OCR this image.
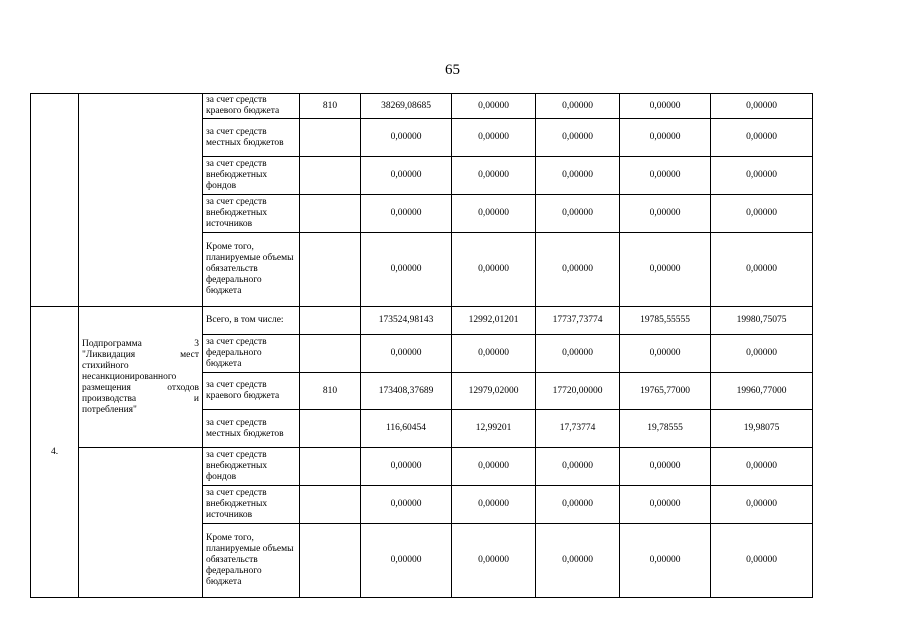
65
		за счет средств краевого бюджета	810	38269,08685	0,00000	0,00000	0,00000	0,00000
		за счет средств местных бюджетов		0,00000	0,00000	0,00000	0,00000	0,00000
		за счет средств внебюджетных фондов		0,00000	0,00000	0,00000	0,00000	0,00000
		за счет средств внебюджетных источников		0,00000	0,00000	0,00000	0,00000	0,00000
		Кроме того, планируемые объемы обязательств федерального бюджета		0,00000	0,00000	0,00000	0,00000	0,00000
4.	Подпрограмма 3 "Ликвидация мест стихийного несанкционированного размещения отходов производства и потребления"	Всего, в том числе:		173524,98143	12992,01201	17737,73774	19785,55555	19980,75075
		за счет средств федерального бюджета		0,00000	0,00000	0,00000	0,00000	0,00000
		за счет средств краевого бюджета	810	173408,37689	12979,02000	17720,00000	19765,77000	19960,77000
		за счет средств местных бюджетов		116,60454	12,99201	17,73774	19,78555	19,98075
		за счет средств внебюджетных фондов		0,00000	0,00000	0,00000	0,00000	0,00000
		за счет средств внебюджетных источников		0,00000	0,00000	0,00000	0,00000	0,00000
		Кроме того, планируемые объемы обязательств федерального бюджета		0,00000	0,00000	0,00000	0,00000	0,00000
